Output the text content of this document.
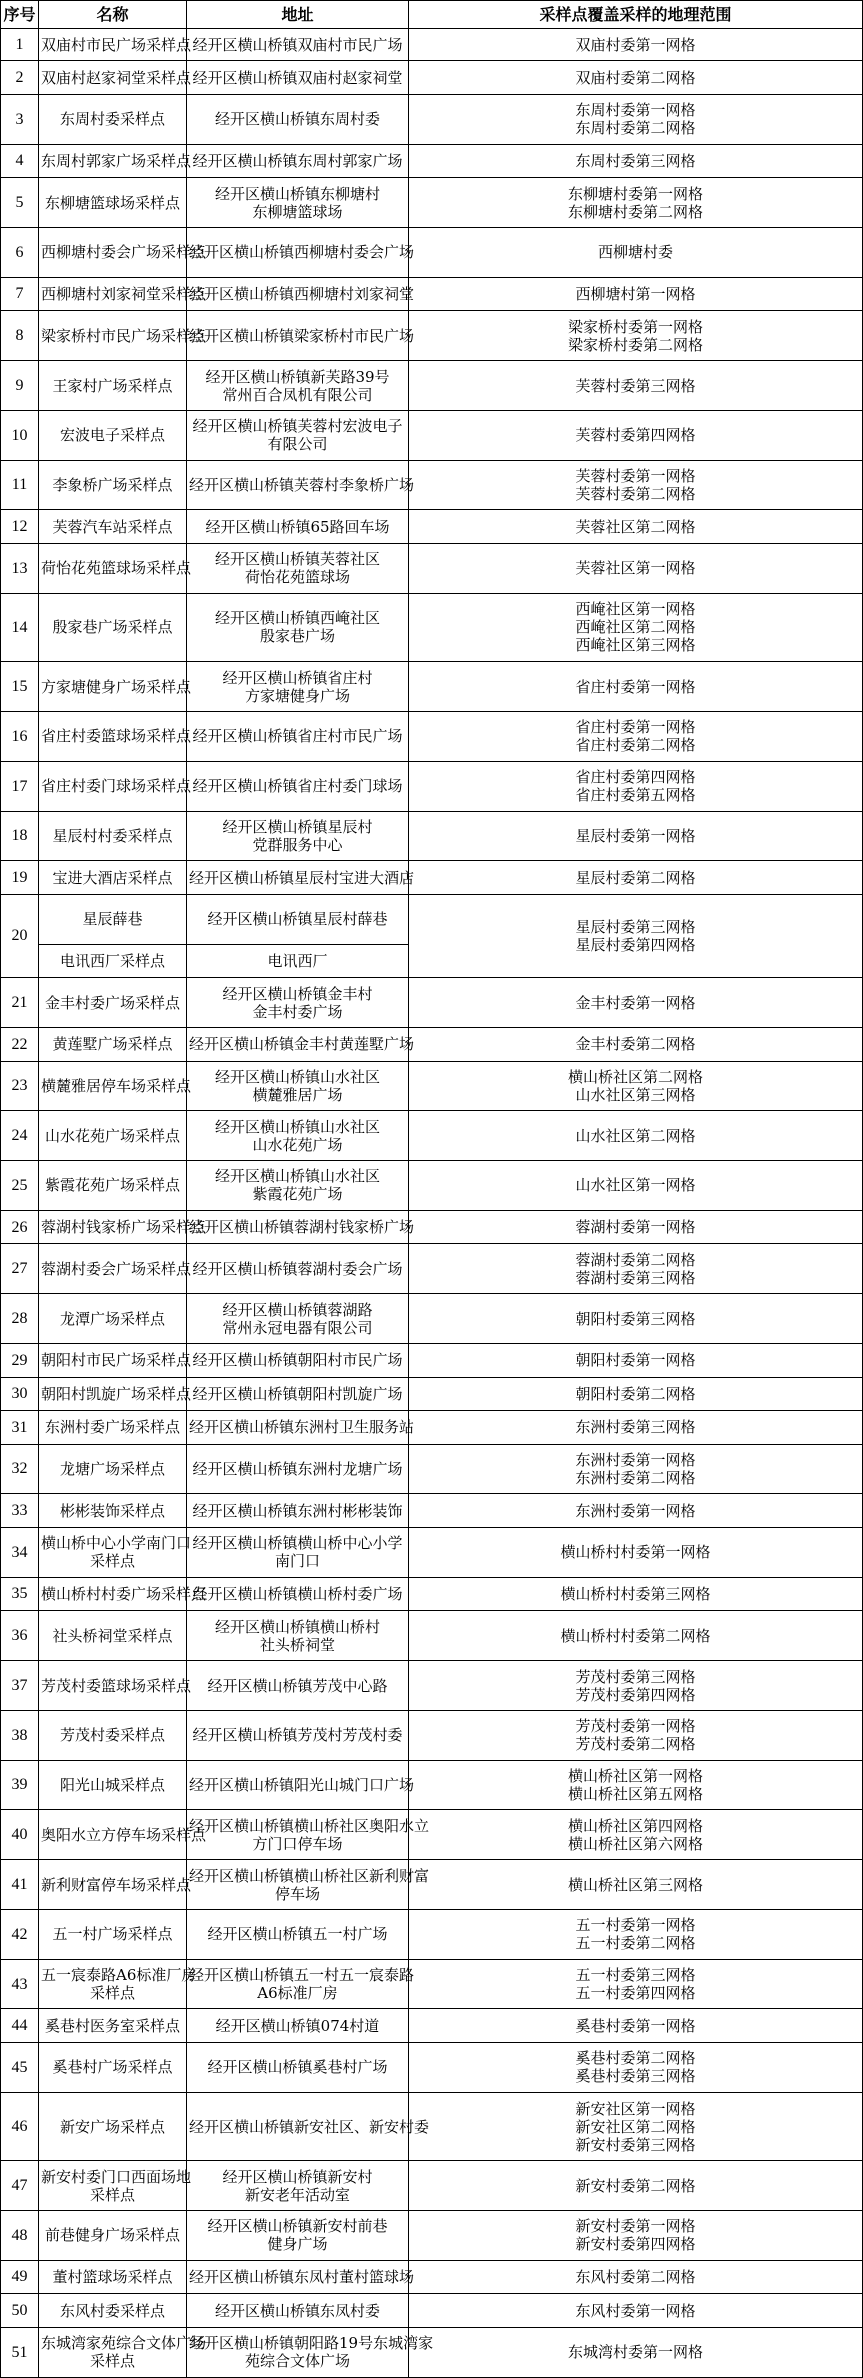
序号	名称	地址	采样点覆盖采样的地理范围
1	双庙村市民广场采样点	经开区横山桥镇双庙村市民广场	双庙村委第一网格

2	双庙村赵家祠堂采样点	经开区横山桥镇双庙村赵家祠堂	双庙村委第二网格

3	东周村委采样点	经开区横山桥镇东周村委	东周村委第一网格
东周村委第二网格

4	东周村郭家广场采样点	经开区横山桥镇东周村郭家广场	东周村委第三网格

5	东柳塘篮球场采样点	经开区横山桥镇东柳塘村
东柳塘篮球场	东柳塘村委第一网格
东柳塘村委第二网格

6	西柳塘村委会广场采样点	经开区横山桥镇西柳塘村委会广场	西柳塘村委

7	西柳塘村刘家祠堂采样点	经开区横山桥镇西柳塘村刘家祠堂	西柳塘村第一网格

8	梁家桥村市民广场采样点	经开区横山桥镇梁家桥村市民广场	梁家桥村委第一网格
梁家桥村委第二网格

9	王家村广场采样点	经开区横山桥镇新芙路39号
常州百合凤机有限公司	芙蓉村委第三网格

10	宏波电子采样点	经开区横山桥镇芙蓉村宏波电子
有限公司	芙蓉村委第四网格

11	李象桥广场采样点	经开区横山桥镇芙蓉村李象桥广场	芙蓉村委第一网格
芙蓉村委第二网格

12	芙蓉汽车站采样点	经开区横山桥镇65路回车场	芙蓉社区第二网格

13	荷怡花苑篮球场采样点	经开区横山桥镇芙蓉社区
荷怡花苑篮球场	芙蓉社区第一网格

14	殷家巷广场采样点	经开区横山桥镇西崦社区
殷家巷广场	西崦社区第一网格
西崦社区第二网格
西崦社区第三网格

15	方家塘健身广场采样点	经开区横山桥镇省庄村
方家塘健身广场	省庄村委第一网格

16	省庄村委篮球场采样点	经开区横山桥镇省庄村市民广场	省庄村委第一网格
省庄村委第二网格

17	省庄村委门球场采样点	经开区横山桥镇省庄村委门球场	省庄村委第四网格
省庄村委第五网格

18	星辰村村委采样点	经开区横山桥镇星辰村
党群服务中心	星辰村委第一网格

19	宝进大酒店采样点	经开区横山桥镇星辰村宝进大酒店	星辰村委第二网格

20	星辰薛巷	经开区横山桥镇星辰村薛巷	星辰村委第三网格
星辰村委第四网格

	电讯西厂采样点	电讯西厂	

21	金丰村委广场采样点	经开区横山桥镇金丰村
金丰村委广场	金丰村委第一网格

22	黄莲墅广场采样点	经开区横山桥镇金丰村黄莲墅广场	金丰村委第二网格

23	横麓雅居停车场采样点	经开区横山桥镇山水社区
横麓雅居广场	横山桥社区第二网格
山水社区第三网格

24	山水花苑广场采样点	经开区横山桥镇山水社区
山水花苑广场	山水社区第二网格

25	紫霞花苑广场采样点	经开区横山桥镇山水社区
紫霞花苑广场	山水社区第一网格

26	蓉湖村钱家桥广场采样点	经开区横山桥镇蓉湖村钱家桥广场	蓉湖村委第一网格

27	蓉湖村委会广场采样点	经开区横山桥镇蓉湖村委会广场	蓉湖村委第二网格
蓉湖村委第三网格

28	龙潭广场采样点	经开区横山桥镇蓉湖路
常州永冠电器有限公司	朝阳村委第三网格

29	朝阳村市民广场采样点	经开区横山桥镇朝阳村市民广场	朝阳村委第一网格

30	朝阳村凯旋广场采样点	经开区横山桥镇朝阳村凯旋广场	朝阳村委第二网格

31	东洲村委广场采样点	经开区横山桥镇东洲村卫生服务站	东洲村委第三网格

32	龙塘广场采样点	经开区横山桥镇东洲村龙塘广场	东洲村委第一网格
东洲村委第二网格

33	彬彬装饰采样点	经开区横山桥镇东洲村彬彬装饰	东洲村委第一网格

34	横山桥中心小学南门口
采样点	经开区横山桥镇横山桥中心小学
南门口	横山桥村村委第一网格

35	横山桥村村委广场采样点	经开区横山桥镇横山桥村委广场	横山桥村村委第三网格

36	社头桥祠堂采样点	经开区横山桥镇横山桥村
社头桥祠堂	横山桥村村委第二网格

37	芳茂村委篮球场采样点	经开区横山桥镇芳茂中心路	芳茂村委第三网格
芳茂村委第四网格

38	芳茂村委采样点	经开区横山桥镇芳茂村芳茂村委	芳茂村委第一网格
芳茂村委第二网格

39	阳光山城采样点	经开区横山桥镇阳光山城门口广场	横山桥社区第一网格
横山桥社区第五网格

40	奥阳水立方停车场采样点	经开区横山桥镇横山桥社区奥阳水立
方门口停车场	横山桥社区第四网格
横山桥社区第六网格

41	新利财富停车场采样点	经开区横山桥镇横山桥社区新利财富
停车场	横山桥社区第三网格

42	五一村广场采样点	经开区横山桥镇五一村广场	五一村委第一网格
五一村委第二网格

43	五一宸泰路A6标准厂房
采样点	经开区横山桥镇五一村五一宸泰路
A6标准厂房	五一村委第三网格
五一村委第四网格

44	奚巷村医务室采样点	经开区横山桥镇074村道	奚巷村委第一网格

45	奚巷村广场采样点	经开区横山桥镇奚巷村广场	奚巷村委第二网格
奚巷村委第三网格

46	新安广场采样点	经开区横山桥镇新安社区、新安村委	新安社区第一网格
新安社区第二网格
新安村委第三网格

47	新安村委门口西面场地
采样点	经开区横山桥镇新安村
新安老年活动室	新安村委第二网格

48	前巷健身广场采样点	经开区横山桥镇新安村前巷
健身广场	新安村委第一网格
新安村委第四网格

49	董村篮球场采样点	经开区横山桥镇东凤村董村篮球场	东风村委第二网格

50	东风村委采样点	经开区横山桥镇东凤村委	东风村委第一网格

51	东城湾家苑综合文体广场
采样点	经开区横山桥镇朝阳路19号东城湾家
苑综合文体广场	东城湾村委第一网格
